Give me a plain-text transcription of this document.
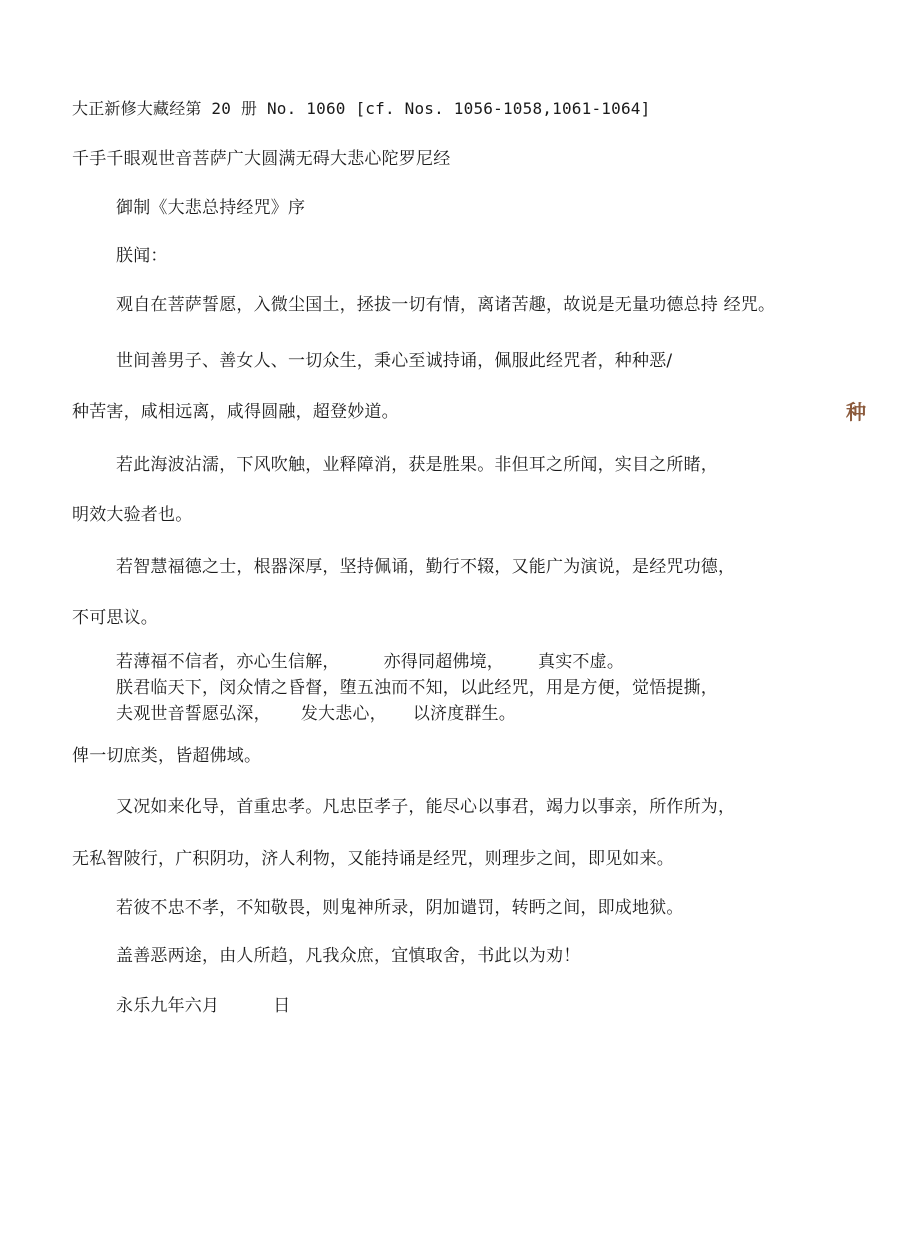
大正新修大藏经第 20 册 No. 1060 [cf. Nos. 1056-1058,1061-1064]
千手千眼观世音菩萨广大圆满无碍大悲心陀罗尼经
御制《大悲总持经咒》序
朕闻：
观自在菩萨誓愿，入微尘国土，拯拔一切有情，离诸苦趣，故说是无量功德总持 经咒。
世间善男子、善女人、一切众生，秉心至诚持诵，佩服此经咒者，种种恶/
种苦害，咸相远离，咸得圆融，超登妙道。
若此海波沾濡，下风吹触，业释障消，获是胜果。非但耳之所闻，实目之所睹，
明效大验者也。
若智慧福德之士，根器深厚，坚持佩诵，勤行不辍，又能广为演说，是经咒功德，
不可思议。
若薄福不信者，亦心生信解，	亦得同超佛境， 真实不虚。
朕君临天下，闵众情之昏督，堕五浊而不知，以此经咒，用是方便，觉悟提撕，
夫观世音誓愿弘深， 发大悲心， 以济度群生。
俾一切庶类，皆超佛域。
又况如来化导，首重忠孝。凡忠臣孝子，能尽心以事君，竭力以事亲，所作所为，
无私智陂行，广积阴功，济人利物，又能持诵是经咒，则理步之间，即见如来。
若彼不忠不孝，不知敬畏，则鬼神所录，阴加谴罚，转眄之间，即成地狱。
盖善恶两途，由人所趋，凡我众庶，宜慎取舍，书此以为劝！
永乐九年六月	日
种
